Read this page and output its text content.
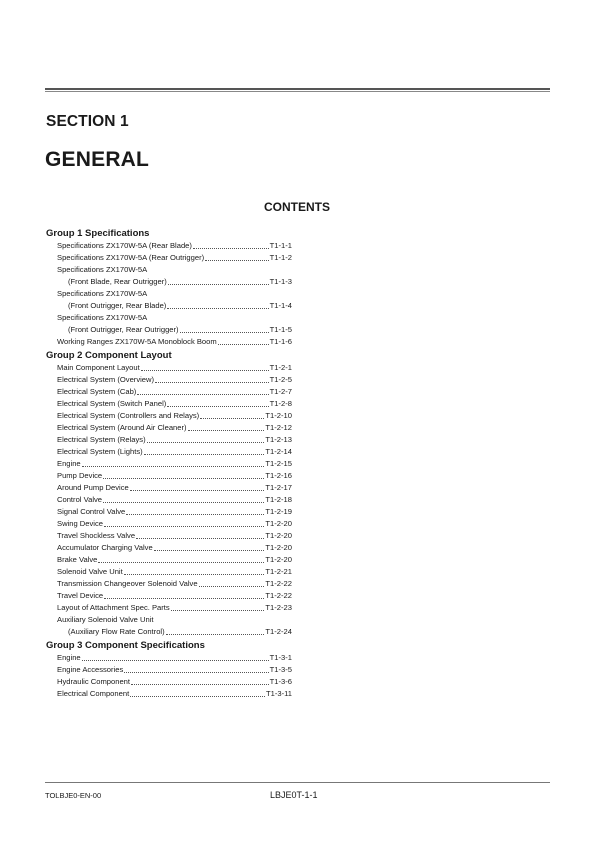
SECTION 1
GENERAL
CONTENTS
Group 1 Specifications
Specifications ZX170W-5A (Rear Blade)	T1-1-1
Specifications ZX170W-5A (Rear Outrigger)	T1-1-2
Specifications ZX170W-5A
(Front Blade, Rear Outrigger)	T1-1-3
Specifications ZX170W-5A
(Front Outrigger, Rear Blade)	T1-1-4
Specifications ZX170W-5A
(Front Outrigger, Rear Outrigger)	T1-1-5
Working Ranges ZX170W-5A Monoblock Boom	T1-1-6
Group 2 Component Layout
Main Component Layout	T1-2-1
Electrical System (Overview)	T1-2-5
Electrical System (Cab)	T1-2-7
Electrical System (Switch Panel)	T1-2-8
Electrical System (Controllers and Relays)	T1-2-10
Electrical System (Around Air Cleaner)	T1-2-12
Electrical System (Relays)	T1-2-13
Electrical System (Lights)	T1-2-14
Engine	T1-2-15
Pump Device	T1-2-16
Around Pump Device	T1-2-17
Control Valve	T1-2-18
Signal Control Valve	T1-2-19
Swing Device	T1-2-20
Travel Shockless Valve	T1-2-20
Accumulator Charging Valve	T1-2-20
Brake Valve	T1-2-20
Solenoid Valve Unit	T1-2-21
Transmission Changeover Solenoid Valve	T1-2-22
Travel Device	T1-2-22
Layout of Attachment Spec. Parts	T1-2-23
Auxiliary Solenoid Valve Unit
(Auxiliary Flow Rate Control)	T1-2-24
Group 3 Component Specifications
Engine	T1-3-1
Engine Accessories	T1-3-5
Hydraulic Component	T1-3-6
Electrical Component	T1-3-11
TOLBJE0-EN-00	LBJE0T-1-1
